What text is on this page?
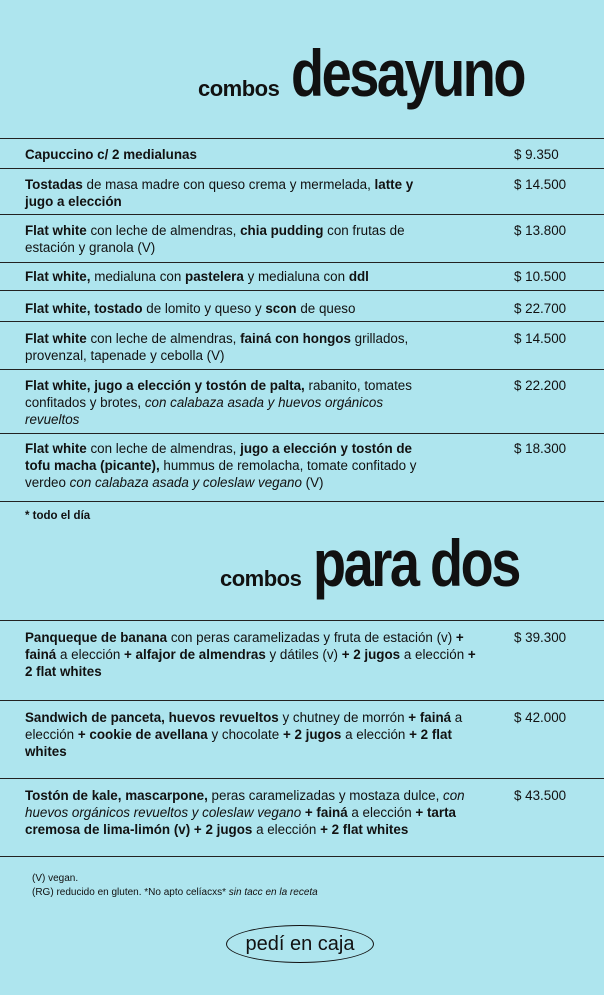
combos desayuno
Capuccino c/ 2 medialunas	$ 9.350
Tostadas de masa madre con queso crema y mermelada, latte y jugo a elección
$ 14.500
Flat white con leche de almendras, chia pudding con frutas de estación y granola (V)
$ 13.800
Flat white, medialuna con pastelera y medialuna con ddl	$ 10.500
Flat white, tostado de lomito y queso y scon de queso	$ 22.700
Flat white con leche de almendras, fainá con hongos grillados, provenzal, tapenade y cebolla (V)
$ 14.500
Flat white, jugo a elección y tostón de palta, rabanito, tomates confitados y brotes, con calabaza asada y huevos orgánicos revueltos
$ 22.200
Flat white con leche de almendras, jugo a elección y tostón de tofu macha (picante), hummus de remolacha, tomate confitado y verdeo con calabaza asada y coleslaw vegano (V)
$ 18.300
* todo el día
combos para dos
Panqueque de banana con peras caramelizadas y fruta de estación (v) + fainá a elección + alfajor de almendras y dátiles (v) + 2 jugos a elección + 2 flat whites
$ 39.300
Sandwich de panceta, huevos revueltos y chutney de morrón + fainá a elección + cookie de avellana y chocolate + 2 jugos a elección + 2 flat whites
$ 42.000
Tostón de kale, mascarpone, peras caramelizadas y mostaza dulce, con huevos orgánicos revueltos y coleslaw vegano + fainá a elección + tarta cremosa de lima-limón (v) + 2 jugos a elección + 2 flat whites
$ 43.500
(V) vegan.
(RG) reducido en gluten. *No apto celíacxs* sin tacc en la receta
pedí en caja
